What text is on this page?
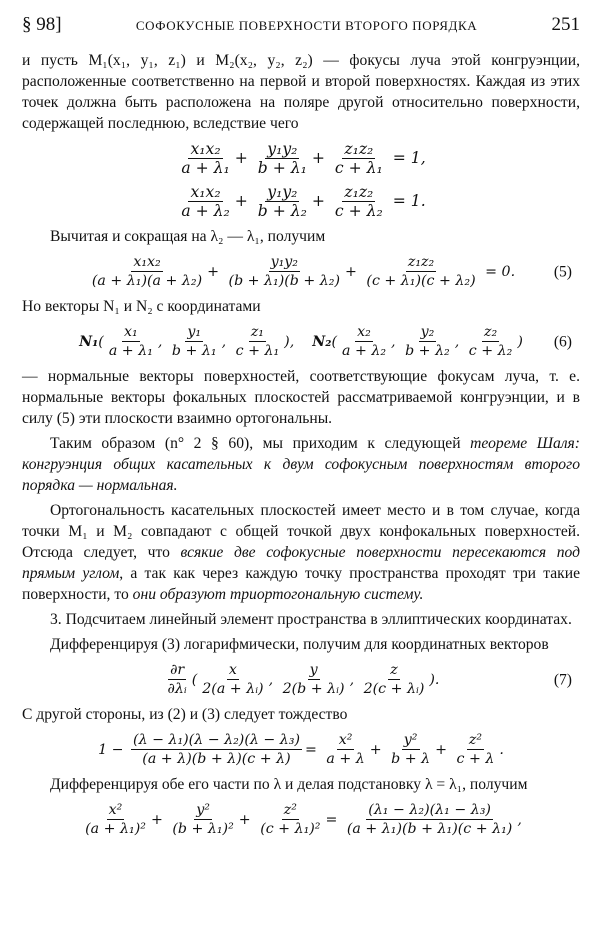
§ 98]	СОФОКУСНЫЕ ПОВЕРХНОСТИ ВТОРОГО ПОРЯДКА	251

и пусть M₁(x₁, y₁, z₁) и M₂(x₂, y₂, z₂) — фокусы луча этой конгруэнции, расположенные соответственно на первой и второй поверхностях. Каждая из этих точек должна быть расположена на поляре другой относительно поверхности, содержащей последнюю, вследствие чего

$\frac{\text{x₁x₂}}{\text{a + λ₁}} + \frac{\text{y₁y₂}}{\text{b + λ₁}} + \frac{\text{z₁z₂}}{\text{c + λ₁}} = 1$,
$\frac{\text{x₁x₂}}{\text{a + λ₂}} + \frac{\text{y₁y₂}}{\text{b + λ₂}} + \frac{\text{z₁z₂}}{\text{c + λ₂}} = 1$.

Вычитая и сокращая на λ₂ — λ₁, получим

$\frac{\text{x₁x₂}}{\text{(a + λ₁)(a + λ₂)}} + \frac{\text{y₁y₂}}{\text{(b + λ₁)(b + λ₂)}} + \frac{\text{z₁z₂}}{\text{(c + λ₁)(c + λ₂)}} = 0$. (5)

Но векторы N₁ и N₂ с координатами

$N_1( \frac{\text{x₁}}{\text{a + λ₁}}$ , $\frac{\text{y₁}}{\text{b + λ₁}}$ , $\frac{\text{z₁}}{\text{c + λ₁}}$ ),    $N_2( \frac{\text{x₂}}{\text{a + λ₂}}$ , $\frac{\text{y₂}}{\text{b + λ₂}}$ , $\frac{\text{z₂}}{\text{c + λ₂}}$ ) (6)

— нормальные векторы поверхностей, соответствующие фокусам луча, т. е. нормальные векторы фокальных плоскостей рассматриваемой конгруэнции, и в силу (5) эти плоскости взаимно ортогональны.

Таким образом (n° 2 § 60), мы приходим к следующей теореме Шаля: конгруэнция общих касательных к двум софокусным поверхностям второго порядка — нормальная.

Ортогональность касательных плоскостей имеет место и в том случае, когда точки M₁ и M₂ совпадают с общей точкой двух конфокальных поверхностей. Отсюда следует, что всякие две софокусные поверхности пересекаются под прямым углом, а так как через каждую точку пространства проходят три такие поверхности, то они образуют триортогональную систему.

3. Подсчитаем линейный элемент пространства в эллиптических координатах.

Дифференцируя (3) логарифмически, получим для координатных векторов

$\frac{\partial r}{\text{∂λᵢ}}$ ( $\frac{x}{\text{2(a + λᵢ)}}$ , $\frac{y}{\text{2(b + λᵢ)}}$ , $\frac{z}{\text{2(c + λᵢ)}}$ ).	(7)

С другой стороны, из (2) и (3) следует тождество

$1 - \frac{\text{(λ − λ₁)(λ − λ₂)(λ − λ₃)}}{(a + \lambda)(b + \lambda)(c + \lambda)} = \frac{\text{x²}}{a + \lambda} + \frac{\text{y²}}{b + \lambda} + \frac{\text{z²}}{c + \lambda}$ .

Дифференцируя обе его части по λ и делая подстановку λ = λ₁, получим

$\frac{\text{x²}}{\text{(a + λ₁)²}} + \frac{\text{y²}}{\text{(b + λ₁)²}} + \frac{\text{z²}}{\text{(c + λ₁)²}} = \frac{\text{(λ₁ − λ₂)(λ₁ − λ₃)}}{\text{(a + λ₁)(b + λ₁)(c + λ₁)}}$ ,
